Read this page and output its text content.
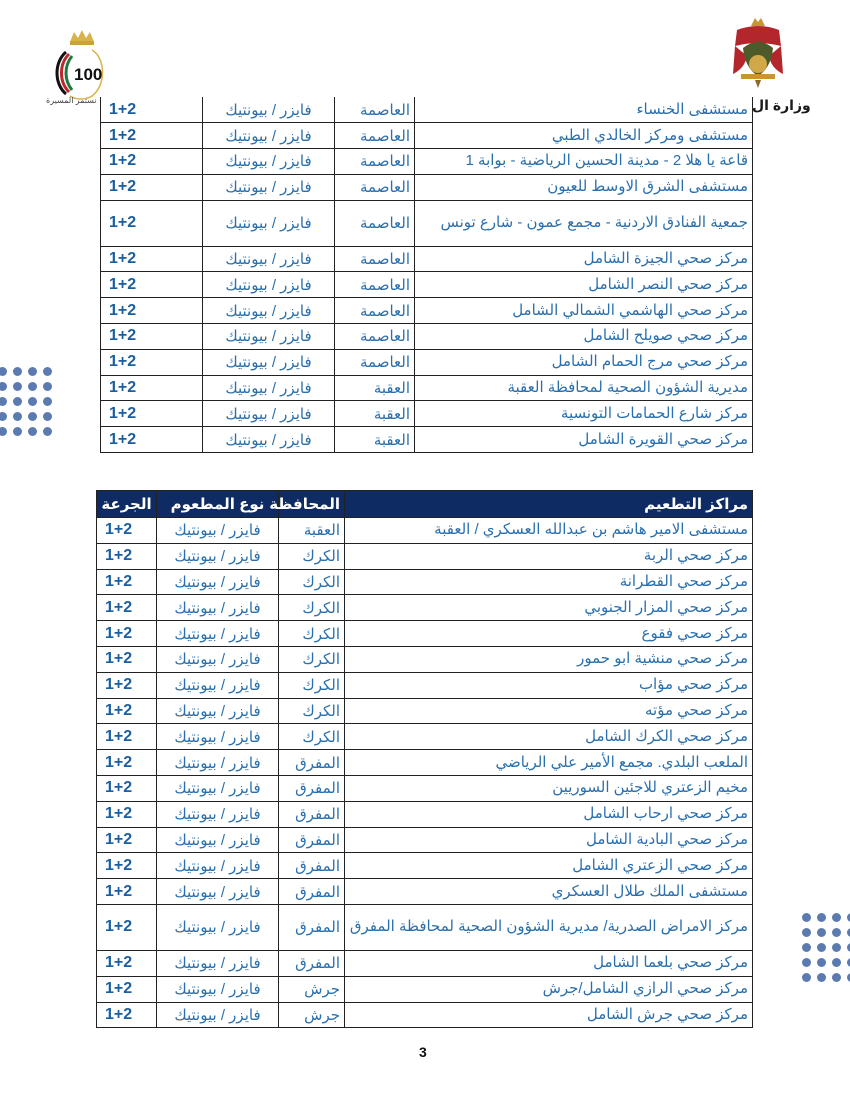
100
نستمر المسيرة	وزارة ال
مستشفى الخنساء	العاصمة	فايزر / بيونتيك	1+2
مستشفى ومركز الخالدي الطبي	العاصمة	فايزر / بيونتيك	1+2
قاعة يا هلا 2 - مدينة الحسين الرياضية - بوابة 1	العاصمة	فايزر / بيونتيك	1+2
مستشفى الشرق الاوسط للعيون	العاصمة	فايزر / بيونتيك	1+2
جمعية الفنادق الاردنية - مجمع عمون - شارع تونس	العاصمة	فايزر / بيونتيك	1+2
مركز صحي الجيزة الشامل	العاصمة	فايزر / بيونتيك	1+2
مركز صحي النصر الشامل	العاصمة	فايزر / بيونتيك	1+2
مركز صحي الهاشمي الشمالي الشامل	العاصمة	فايزر / بيونتيك	1+2
مركز صحي صويلح الشامل	العاصمة	فايزر / بيونتيك	1+2
مركز صحي مرج الحمام الشامل	العاصمة	فايزر / بيونتيك	1+2
مديرية الشؤون الصحية لمحافظة العقبة	العقبة	فايزر / بيونتيك	1+2
مركز شارع الحمامات التونسية	العقبة	فايزر / بيونتيك	1+2
مركز صحي القويرة الشامل	العقبة	فايزر / بيونتيك	1+2
مراكز التطعيم	المحافظة	نوع المطعوم	الجرعة
مستشفى الامير هاشم بن عبدالله العسكري / العقبة	العقبة	فايزر / بيونتيك	1+2
مركز صحي الربة	الكرك	فايزر / بيونتيك	1+2
مركز صحي القطرانة	الكرك	فايزر / بيونتيك	1+2
مركز صحي المزار الجنوبي	الكرك	فايزر / بيونتيك	1+2
مركز صحي فقوع	الكرك	فايزر / بيونتيك	1+2
مركز صحي منشية ابو حمور	الكرك	فايزر / بيونتيك	1+2
مركز صحي مؤاب	الكرك	فايزر / بيونتيك	1+2
مركز صحي مؤته	الكرك	فايزر / بيونتيك	1+2
مركز صحي الكرك الشامل	الكرك	فايزر / بيونتيك	1+2
الملعب البلدي. مجمع الأمير علي الرياضي	المفرق	فايزر / بيونتيك	1+2
مخيم الزعتري للاجئين السوريين	المفرق	فايزر / بيونتيك	1+2
مركز صحي ارحاب الشامل	المفرق	فايزر / بيونتيك	1+2
مركز صحي البادية الشامل	المفرق	فايزر / بيونتيك	1+2
مركز صحي الزعتري الشامل	المفرق	فايزر / بيونتيك	1+2
مستشفى الملك طلال العسكري	المفرق	فايزر / بيونتيك	1+2
مركز الامراض الصدرية/ مديرية الشؤون الصحية لمحافظة المفرق	المفرق	فايزر / بيونتيك	1+2
مركز صحي بلعما الشامل	المفرق	فايزر / بيونتيك	1+2
مركز صحي الرازي الشامل/جرش	جرش	فايزر / بيونتيك	1+2
مركز صحي جرش الشامل	جرش	فايزر / بيونتيك	1+2
3
